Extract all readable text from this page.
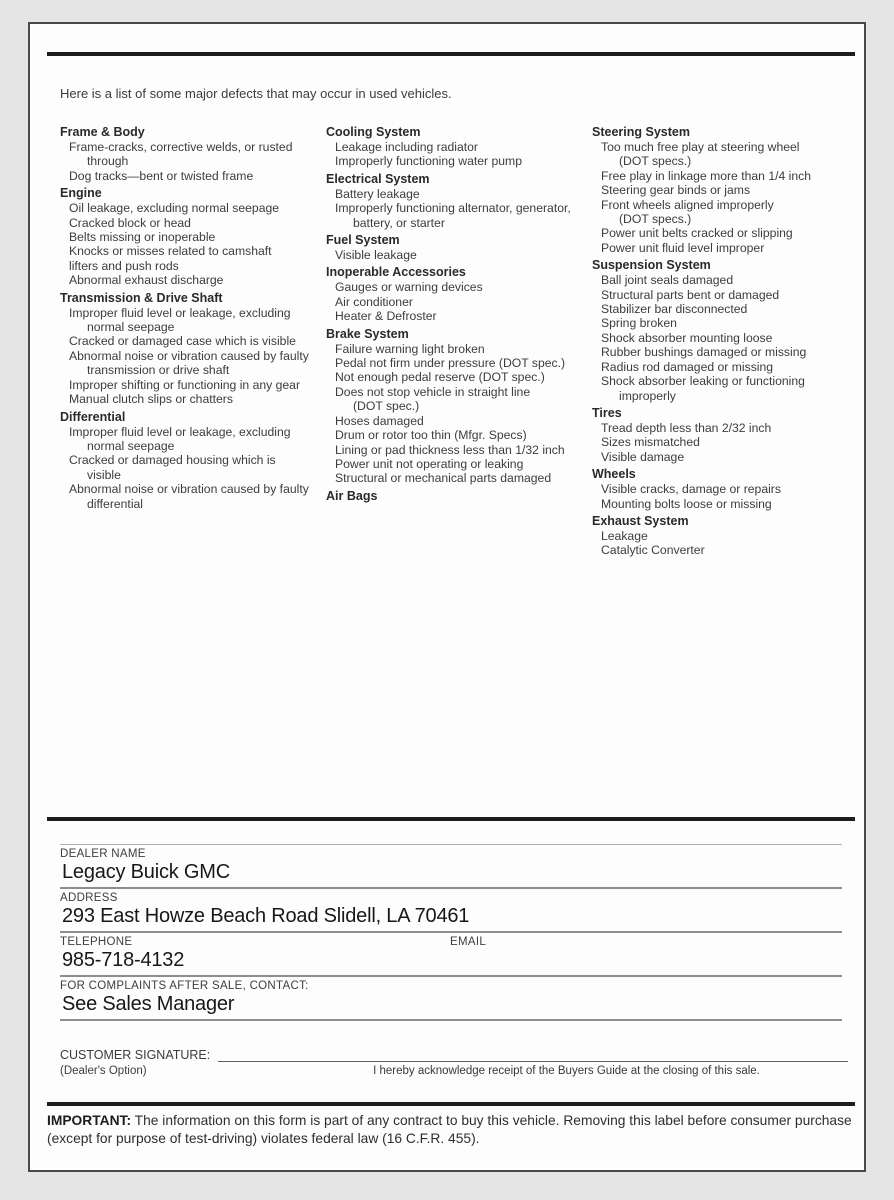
Here is a list of some major defects that may occur in used vehicles.
Frame & Body
Frame-cracks, corrective welds, or rusted
through
Dog tracks—bent or twisted frame
Engine
Oil leakage, excluding normal seepage
Cracked block or head
Belts missing or inoperable
Knocks or misses related to camshaft
lifters and push rods
Abnormal exhaust discharge
Transmission & Drive Shaft
Improper fluid level or leakage, excluding
normal seepage
Cracked or damaged case which is visible
Abnormal noise or vibration caused by faulty
transmission or drive shaft
Improper shifting or functioning in any gear
Manual clutch slips or chatters
Differential
Improper fluid level or leakage, excluding
normal seepage
Cracked or damaged housing which is
visible
Abnormal noise or vibration caused by faulty
differential
Cooling System
Leakage including radiator
Improperly functioning water pump
Electrical System
Battery leakage
Improperly functioning alternator, generator,
battery, or starter
Fuel System
Visible leakage
Inoperable Accessories
Gauges or warning devices
Air conditioner
Heater & Defroster
Brake System
Failure warning light broken
Pedal not firm under pressure (DOT spec.)
Not enough pedal reserve (DOT spec.)
Does not stop vehicle in straight line
(DOT spec.)
Hoses damaged
Drum or rotor too thin (Mfgr. Specs)
Lining or pad thickness less than 1/32 inch
Power unit not operating or leaking
Structural or mechanical parts damaged
Air Bags
Steering System
Too much free play at steering wheel
(DOT specs.)
Free play in linkage more than 1/4 inch
Steering gear binds or jams
Front wheels aligned improperly
(DOT specs.)
Power unit belts cracked or slipping
Power unit fluid level improper
Suspension System
Ball joint seals damaged
Structural parts bent or damaged
Stabilizer bar disconnected
Spring broken
Shock absorber mounting loose
Rubber bushings damaged or missing
Radius rod damaged or missing
Shock absorber leaking or functioning
improperly
Tires
Tread depth less than 2/32 inch
Sizes mismatched
Visible damage
Wheels
Visible cracks, damage or repairs
Mounting bolts loose or missing
Exhaust System
Leakage
Catalytic Converter
DEALER NAME
Legacy Buick GMC
ADDRESS
293 East Howze Beach Road Slidell, LA 70461
TELEPHONE
985-718-4132
EMAIL
FOR COMPLAINTS AFTER SALE, CONTACT:
See Sales Manager
CUSTOMER SIGNATURE:
(Dealer's Option)	I hereby acknowledge receipt of the Buyers Guide at the closing of this sale.
IMPORTANT: The information on this form is part of any contract to buy this vehicle. Removing this label before consumer purchase (except for purpose of test-driving) violates federal law (16 C.F.R. 455).
